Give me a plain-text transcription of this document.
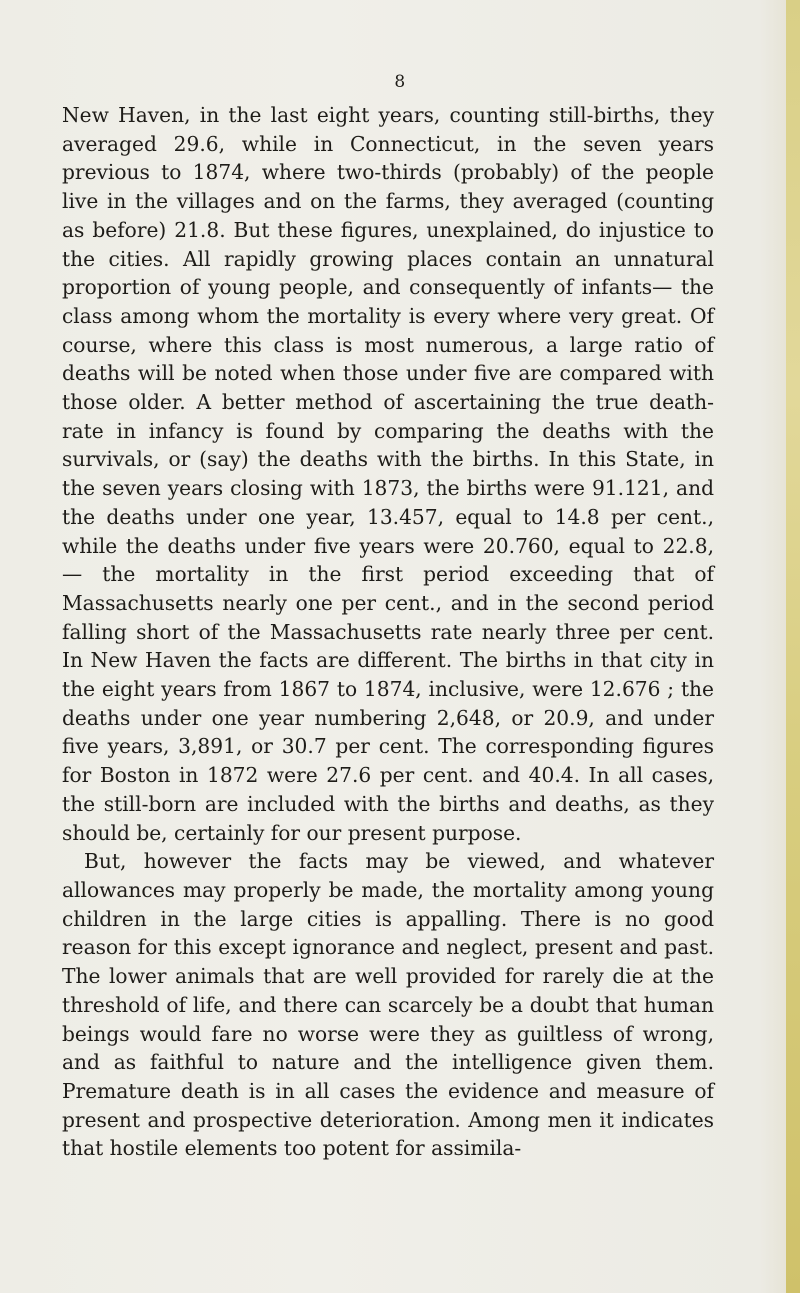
8

New Haven, in the last eight years, counting still-births, they averaged 29.6, while in Connecticut, in the seven years previous to 1874, where two-thirds (probably) of the people live in the villages and on the farms, they averaged (counting as before) 21.8. But these figures, unexplained, do injustice to the cities. All rapidly growing places contain an unnatural proportion of young people, and consequently of infants— the class among whom the mortality is every where very great. Of course, where this class is most numerous, a large ratio of deaths will be noted when those under five are compared with those older. A better method of ascertaining the true death-rate in infancy is found by comparing the deaths with the survivals, or (say) the deaths with the births. In this State, in the seven years closing with 1873, the births were 91.121, and the deaths under one year, 13.457, equal to 14.8 per cent., while the deaths under five years were 20.760, equal to 22.8, — the mortality in the first period exceeding that of Massachusetts nearly one per cent., and in the second period falling short of the Massachusetts rate nearly three per cent. In New Haven the facts are different. The births in that city in the eight years from 1867 to 1874, inclusive, were 12.676 ; the deaths under one year numbering 2,648, or 20.9, and under five years, 3,891, or 30.7 per cent. The corresponding figures for Boston in 1872 were 27.6 per cent. and 40.4. In all cases, the still-born are included with the births and deaths, as they should be, certainly for our present purpose.

But, however the facts may be viewed, and whatever allowances may properly be made, the mortality among young children in the large cities is appalling. There is no good reason for this except ignorance and neglect, present and past. The lower animals that are well provided for rarely die at the threshold of life, and there can scarcely be a doubt that human beings would fare no worse were they as guiltless of wrong, and as faithful to nature and the intelligence given them. Premature death is in all cases the evidence and measure of present and prospective deterioration. Among men it indicates that hostile elements too potent for assimila-
